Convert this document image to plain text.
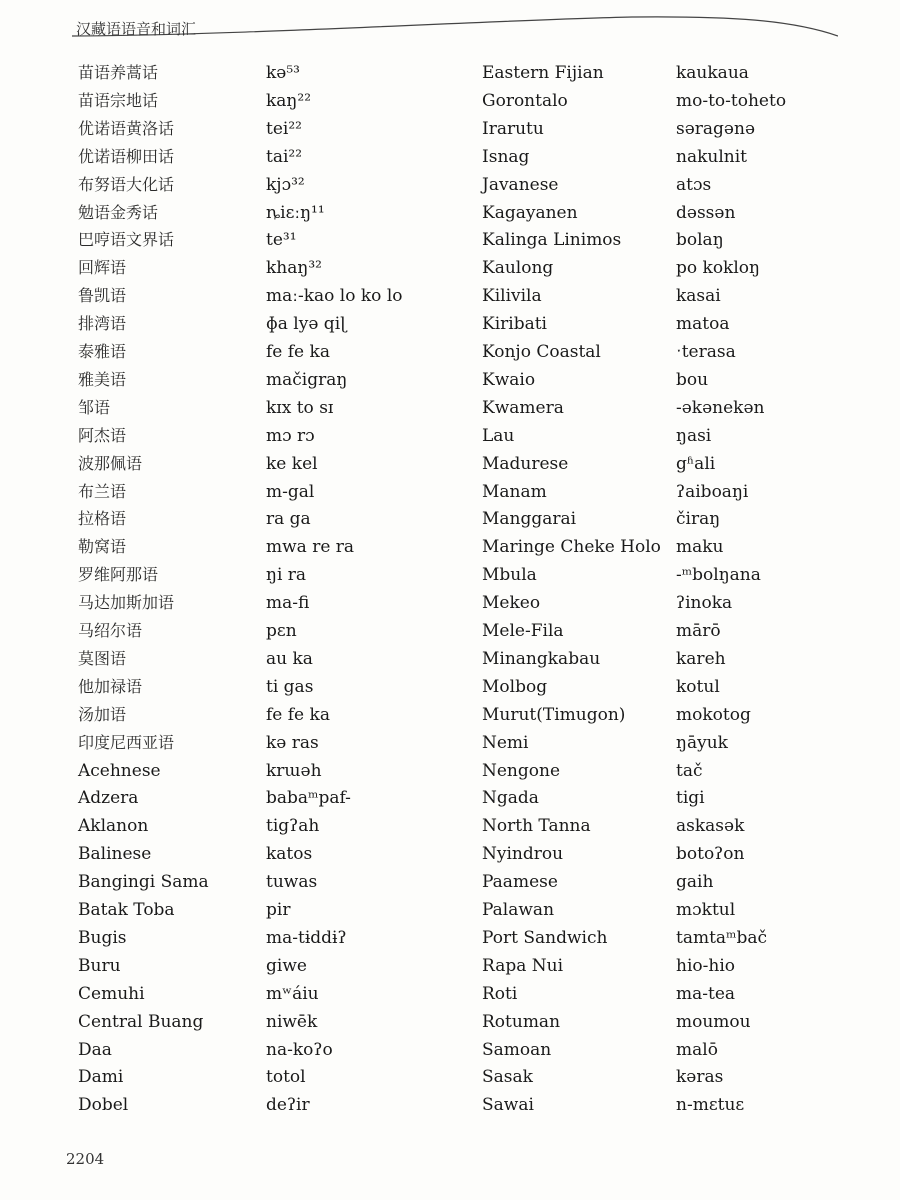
汉藏语语音和词汇
苗语养蒿话
苗语宗地话
优诺语黄洛话
优诺语柳田话
布努语大化话
勉语金秀话
巴哼语文界话
回辉语
鲁凯语
排湾语
泰雅语
雅美语
邹语
阿杰语
波那佩语
布兰语
拉格语
勒窝语
罗维阿那语
马达加斯加语
马绍尔语
莫图语
他加禄语
汤加语
印度尼西亚语
Acehnese
Adzera
Aklanon
Balinese
Bangingi Sama
Batak Toba
Bugis
Buru
Cemuhi
Central Buang
Daa
Dami
Dobel
kə⁵³
kaŋ²²
tei²²
tai²²
kjɔ³²
ȵiɛːŋ¹¹
te³¹
khaŋ³²
maː-kao lo ko lo
ɸa lyə qiɭ
fe fe ka
mačigraŋ
kɪx to sɪ
mɔ rɔ
ke kel
m-gal
ra ga
mwa re ra
ŋi ra
ma-fi
pɛn
au ka
ti gas
fe fe ka
kə ras
krɯəh
babaᵐpaf-
tigʔah
katos
tuwas
pir
ma-tɨddɨʔ
giwe
mʷáiu
niwēk
na-koʔo
totol
deʔir
Eastern Fijian
Gorontalo
Irarutu
Isnag
Javanese
Kagayanen
Kalinga Linimos
Kaulong
Kilivila
Kiribati
Konjo Coastal
Kwaio
Kwamera
Lau
Madurese
Manam
Manggarai
Maringe Cheke Holo
Mbula
Mekeo
Mele-Fila
Minangkabau
Molbog
Murut(Timugon)
Nemi
Nengone
Ngada
North Tanna
Nyindrou
Paamese
Palawan
Port Sandwich
Rapa Nui
Roti
Rotuman
Samoan
Sasak
Sawai
kaukaua
mo-to-toheto
səragənə
nakulnit
atɔs
dəssən
bolaŋ
po kokloŋ
kasai
matoa
ˑterasa
bou
-əkənekən
ŋasi
gʱali
ʔaiboaŋi
čiraŋ
maku
-ᵐbolŋana
ʔinoka
mārō
kareh
kotul
mokotog
ŋāyuk
tač
tigi
askasək
botoʔon
gaih
mɔktul
tamtaᵐbač
hio-hio
ma-tea
moumou
malō
kəras
n-mɛtuɛ
2204
